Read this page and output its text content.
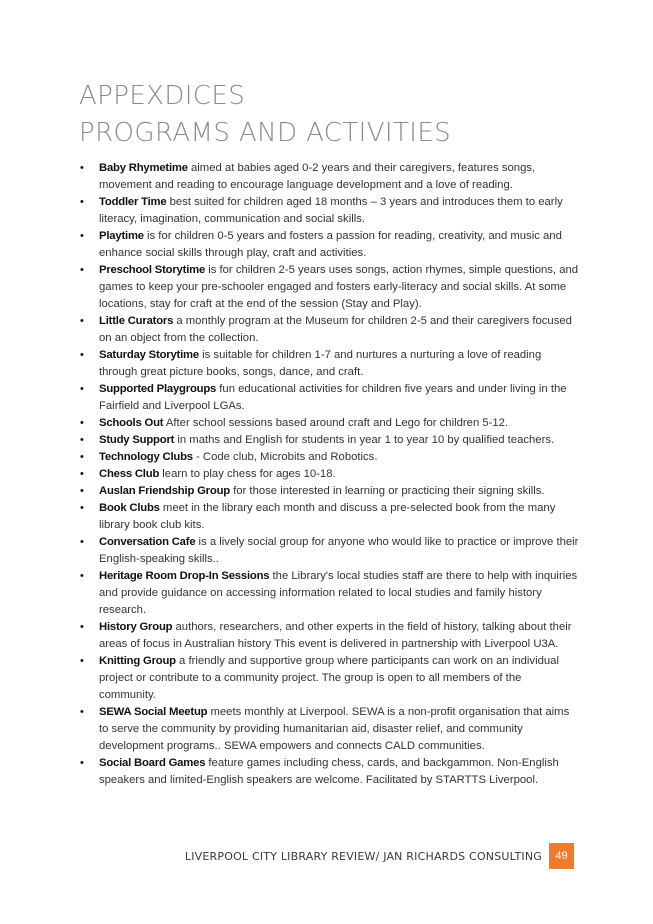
APPEXDICES
PROGRAMS AND ACTIVITIES
• Baby Rhymetime aimed at babies aged 0-2 years and their caregivers, features songs, movement and reading to encourage language development and a love of reading.
• Toddler Time best suited for children aged 18 months – 3 years and introduces them to early literacy, imagination, communication and social skills.
• Playtime is for children 0-5 years and fosters a passion for reading, creativity, and music and enhance social skills through play, craft and activities.
• Preschool Storytime is for children 2-5 years uses songs, action rhymes, simple questions, and games to keep your pre-schooler engaged and fosters early-literacy and social skills. At some locations, stay for craft at the end of the session (Stay and Play).
• Little Curators a monthly program at the Museum for children 2-5 and their caregivers focused on an object from the collection.
• Saturday Storytime is suitable for children 1-7 and nurtures a nurturing a love of reading through great picture books, songs, dance, and craft.
• Supported Playgroups fun educational activities for children five years and under living in the Fairfield and Liverpool LGAs.
• Schools Out After school sessions based around craft and Lego for children 5-12.
• Study Support in maths and English for students in year 1 to year 10 by qualified teachers.
• Technology Clubs - Code club, Microbits and Robotics.
• Chess Club learn to play chess for ages 10-18.
• Auslan Friendship Group for those interested in learning or practicing their signing skills.
• Book Clubs meet in the library each month and discuss a pre-selected book from the many library book club kits.
• Conversation Cafe is a lively social group for anyone who would like to practice or improve their English-speaking skills..
• Heritage Room Drop-In Sessions the Library's local studies staff are there to help with inquiries and provide guidance on accessing information related to local studies and family history research.
• History Group authors, researchers, and other experts in the field of history, talking about their areas of focus in Australian history This event is delivered in partnership with Liverpool U3A.
• Knitting Group a friendly and supportive group where participants can work on an individual project or contribute to a community project. The group is open to all members of the community.
• SEWA Social Meetup meets monthly at Liverpool. SEWA is a non-profit organisation that aims to serve the community by providing humanitarian aid, disaster relief, and community development programs.. SEWA empowers and connects CALD communities.
• Social Board Games feature games including chess, cards, and backgammon. Non-English speakers and limited-English speakers are welcome. Facilitated by STARTTS Liverpool.
LIVERPOOL CITY LIBRARY REVIEW/ JAN RICHARDS CONSULTING	49
